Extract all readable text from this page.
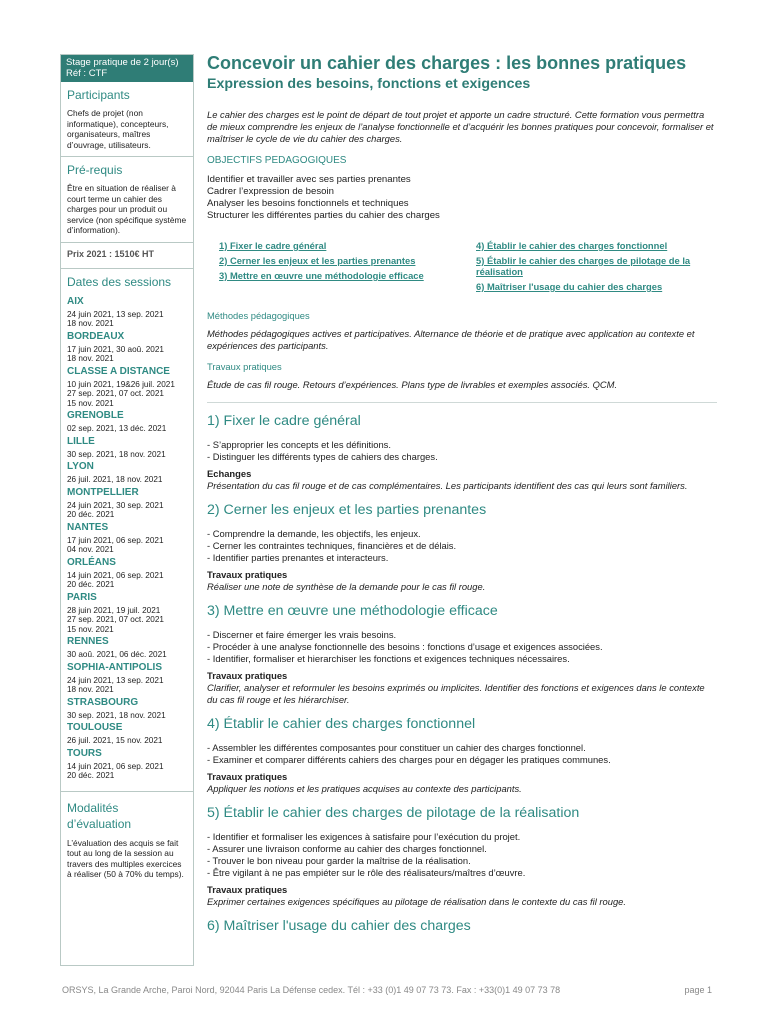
Stage pratique de 2 jour(s)
Réf : CTF
Participants
Chefs de projet (non informatique), concepteurs, organisateurs, maîtres d’ouvrage, utilisateurs.
Pré-requis
Être en situation de réaliser à court terme un cahier des charges pour un produit ou service (non spécifique système d’information).
Prix 2021 : 1510€ HT
Dates des sessions
AIX
24 juin 2021, 13 sep. 2021
18 nov. 2021
BORDEAUX
17 juin 2021, 30 aoû. 2021
18 nov. 2021
CLASSE A DISTANCE
10 juin 2021, 19&26 juil. 2021
27 sep. 2021, 07 oct. 2021
15 nov. 2021
GRENOBLE
02 sep. 2021, 13 déc. 2021
LILLE
30 sep. 2021, 18 nov. 2021
LYON
26 juil. 2021, 18 nov. 2021
MONTPELLIER
24 juin 2021, 30 sep. 2021
20 déc. 2021
NANTES
17 juin 2021, 06 sep. 2021
04 nov. 2021
ORLÉANS
14 juin 2021, 06 sep. 2021
20 déc. 2021
PARIS
28 juin 2021, 19 juil. 2021
27 sep. 2021, 07 oct. 2021
15 nov. 2021
RENNES
30 aoû. 2021, 06 déc. 2021
SOPHIA-ANTIPOLIS
24 juin 2021, 13 sep. 2021
18 nov. 2021
STRASBOURG
30 sep. 2021, 18 nov. 2021
TOULOUSE
26 juil. 2021, 15 nov. 2021
TOURS
14 juin 2021, 06 sep. 2021
20 déc. 2021
Modalités
d’évaluation
L’évaluation des acquis se fait tout au long de la session au travers des multiples exercices à réaliser (50 à 70% du temps).
Concevoir un cahier des charges : les bonnes pratiques
Expression des besoins, fonctions et exigences
Le cahier des charges est le point de départ de tout projet et apporte un cadre structuré. Cette formation vous permettra de mieux comprendre les enjeux de l’analyse fonctionnelle et d’acquérir les bonnes pratiques pour concevoir, formaliser et maîtriser le cycle de vie du cahier des charges.
OBJECTIFS PEDAGOGIQUES
Identifier et travailler avec ses parties prenantes
Cadrer l’expression de besoin
Analyser les besoins fonctionnels et techniques
Structurer les différentes parties du cahier des charges
1) Fixer le cadre général
2) Cerner les enjeux et les parties prenantes
3) Mettre en œuvre une méthodologie efficace
4) Établir le cahier des charges fonctionnel
5) Établir le cahier des charges de pilotage de la réalisation
6) Maîtriser l'usage du cahier des charges
Méthodes pédagogiques
Méthodes pédagogiques actives et participatives. Alternance de théorie et de pratique avec application au contexte et expériences des participants.
Travaux pratiques
Étude de cas fil rouge. Retours d’expériences. Plans type de livrables et exemples associés. QCM.
1) Fixer le cadre général
- S’approprier les concepts et les définitions.
- Distinguer les différents types de cahiers des charges.
Echanges
Présentation du cas fil rouge et de cas complémentaires. Les participants identifient des cas qui leurs sont familiers.
2) Cerner les enjeux et les parties prenantes
- Comprendre la demande, les objectifs, les enjeux.
- Cerner les contraintes techniques, financières et de délais.
- Identifier parties prenantes et interacteurs.
Travaux pratiques
Réaliser une note de synthèse de la demande pour le cas fil rouge.
3) Mettre en œuvre une méthodologie efficace
- Discerner et faire émerger les vrais besoins.
- Procéder à une analyse fonctionnelle des besoins : fonctions d’usage et exigences associées.
- Identifier, formaliser et hierarchiser les fonctions et exigences techniques nécessaires.
Travaux pratiques
Clarifier, analyser et reformuler les besoins exprimés ou implicites. Identifier des fonctions et exigences dans le contexte du cas fil rouge et les hiérarchiser.
4) Établir le cahier des charges fonctionnel
- Assembler les différentes composantes pour constituer un cahier des charges fonctionnel.
- Examiner et comparer différents cahiers des charges pour en dégager les pratiques communes.
Travaux pratiques
Appliquer les notions et les pratiques acquises au contexte des participants.
5) Établir le cahier des charges de pilotage de la réalisation
- Identifier et formaliser les exigences à satisfaire pour l’exécution du projet.
- Assurer une livraison conforme au cahier des charges fonctionnel.
- Trouver le bon niveau pour garder la maîtrise de la réalisation.
- Être vigilant à ne pas empiéter sur le rôle des réalisateurs/maîtres d’œuvre.
Travaux pratiques
Exprimer certaines exigences spécifiques au pilotage de réalisation dans le contexte du cas fil rouge.
6) Maîtriser l'usage du cahier des charges
ORSYS, La Grande Arche, Paroi Nord, 92044 Paris La Défense cedex. Tél : +33 (0)1 49 07 73 73. Fax : +33(0)1 49 07 73 78	page 1
